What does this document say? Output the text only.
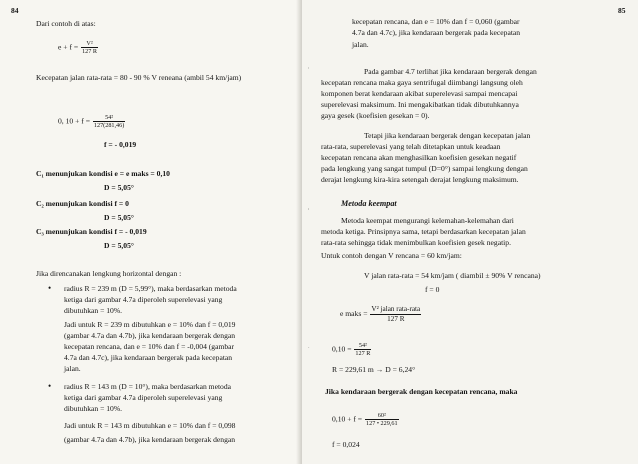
84
Dari contoh di atas:
$e + f = \frac{\text{V²}}{127 R}$
Kecepatan jalan rata-rata = 80 - 90 % V reneana (ambil 54 km/jam)
0, $10 + f = \frac{\text{54²}}{127(281,46)}$
f = - 0,019
C₁ menunjukan kondisi e = e maks = 0,10
D = 5,05°
C₂ menunjukan kondisi f = 0
D = 5,05°
C₃ menunjukan kondisi f = - 0,019
D = 5,05°
Jika direncanakan lengkung horizontal dengan :
• radius R = 239 m (D = 5,99°), maka berdasarkan metoda
ketiga dari gambar 4.7a diperoleh superelevasi yang
dibutuhkan = 10%.
Jadi untuk R = 239 m dibutuhkan e = 10% dan f = 0,019
(gambar 4.7a dan 4.7b), jika kendaraan bergerak dengan
kecepatan rencana, dan e = 10% dan f = -0,004 (gambar
4.7a dan 4.7c), jika kendaraan bergerak pada kecepatan
jalan.
• radius R = 143 m (D = 10°), maka berdasarkan metoda
ketiga dari gambar 4.7a diperoleh superelevasi yang
dibutuhkan = 10%.
Jadi untuk R = 143 m dibutuhkan e = 10% dan f = 0,098
(gambar 4.7a dan 4.7b), jika kendaraan bergerak dengan
85
'
,
·
kecepatan rencana, dan e = 10% dan f = 0,060 (gambar
4.7a dan 4.7c), jika kendaraan bergerak pada kecepatan
jalan.
Pada gambar 4.7 terlihat jika kendaraan bergerak dengan
kecepatan rencana maka gaya sentrifugal diimbangi langsung oleh
komponen berat kendaraan akibat superelevasi sampai mencapai
superelevasi maksimum. Ini mengakibatkan tidak dibutuhkannya
gaya gesek (koefisien gesekan = 0).
Tetapi jika kendaraan bergerak dengan kecepatan jalan
rata-rata, superelevasi yang telah ditetapkan untuk keadaan
kecepatan rencana akan menghasilkan koefisien gesekan negatif
pada lengkung yang sangat tumpul (D=0°) sampai lengkung dengan
derajat lengkung kira-kira setengah derajat lengkung maksimum.
Metoda keempat
Metoda keempat mengurangi kelemahan-kelemahan dari
metoda ketiga. Prinsipnya sama, tetapi berdasarkan kecepatan jalan
rata-rata sehingga tidak menimbulkan koefisien gesek negatip.
Untuk contoh dengan V rencana = 60 km/jam:
V jalan rata-rata = 54 km/jam ( diambil ± 90% V rencana)
f = 0
e maks = $\frac{\text{V² jalan rata-rata}}{127 R}$
$0,10 = \frac{\text{54²}}{127 R}$
R = 229,61 m → D = 6,24°
Jika kendaraan bergerak dengan kecepatan rencana, maka
$0,10 + f = \frac{\text{60²}}{127 • 229,61}$
f = 0,024
